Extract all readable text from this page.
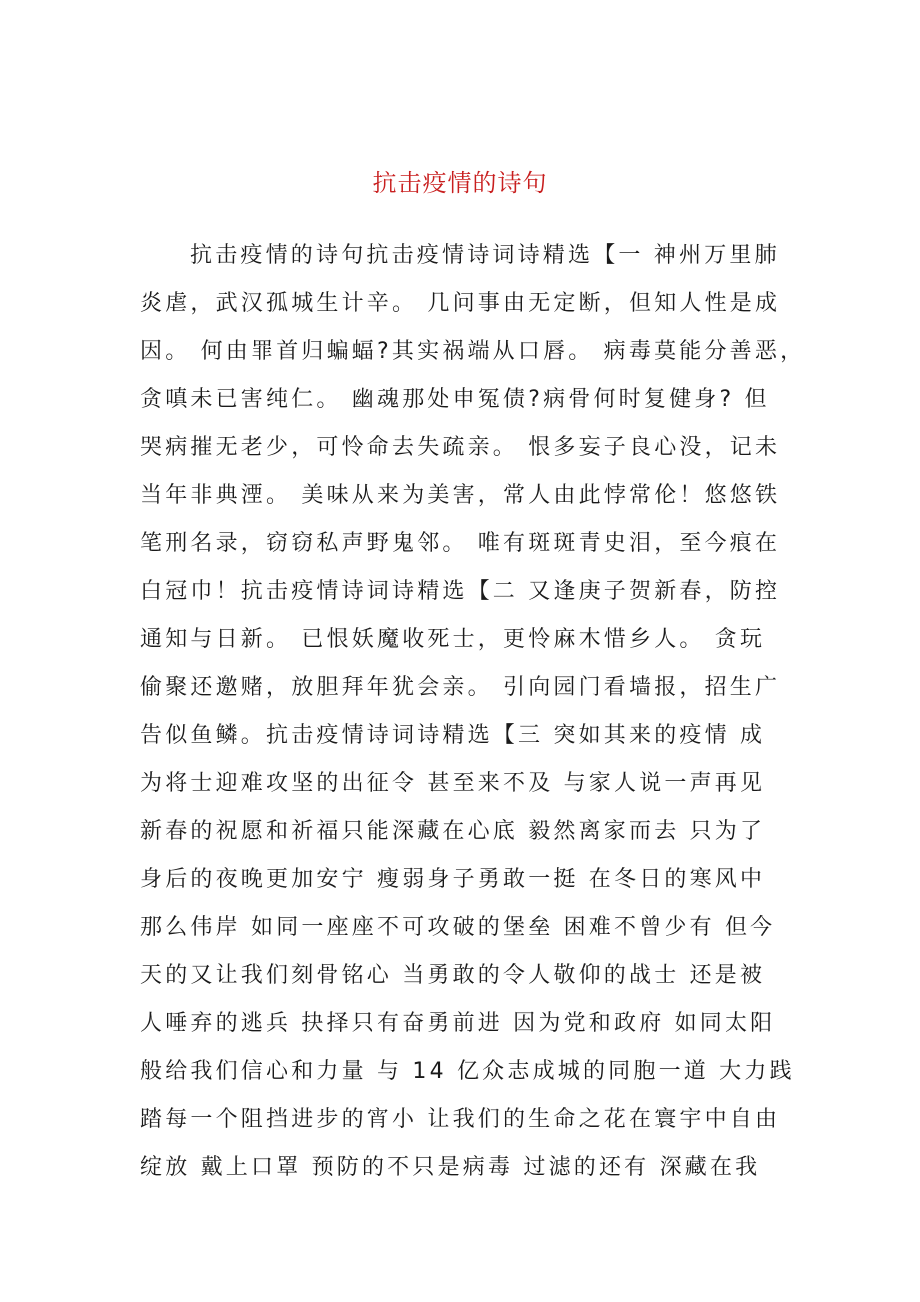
抗击疫情的诗句
抗击疫情的诗句抗击疫情诗词诗精选【一 神州万里肺
炎虐，武汉孤城生计辛。 几问事由无定断，但知人性是成
因。 何由罪首归蝙蝠?其实祸端从口唇。 病毒莫能分善恶，
贪嗔未已害纯仁。 幽魂那处申冤债?病骨何时复健身? 但
哭病摧无老少，可怜命去失疏亲。 恨多妄子良心没，记未
当年非典湮。 美味从来为美害，常人由此悖常伦！悠悠铁
笔刑名录，窃窃私声野鬼邻。 唯有斑斑青史泪，至今痕在
白冠巾！抗击疫情诗词诗精选【二 又逢庚子贺新春，防控
通知与日新。 已恨妖魔收死士，更怜麻木惜乡人。 贪玩
偷聚还邀赌，放胆拜年犹会亲。 引向园门看墙报，招生广
告似鱼鳞。抗击疫情诗词诗精选【三 突如其来的疫情 成
为将士迎难攻坚的出征令 甚至来不及 与家人说一声再见
新春的祝愿和祈福只能深藏在心底 毅然离家而去 只为了
身后的夜晚更加安宁 瘦弱身子勇敢一挺 在冬日的寒风中
那么伟岸 如同一座座不可攻破的堡垒 困难不曾少有 但今
天的又让我们刻骨铭心 当勇敢的令人敬仰的战士 还是被
人唾弃的逃兵 抉择只有奋勇前进 因为党和政府 如同太阳
般给我们信心和力量 与 14 亿众志成城的同胞一道 大力践
踏每一个阻挡进步的宵小 让我们的生命之花在寰宇中自由
绽放 戴上口罩 预防的不只是病毒 过滤的还有 深藏在我
